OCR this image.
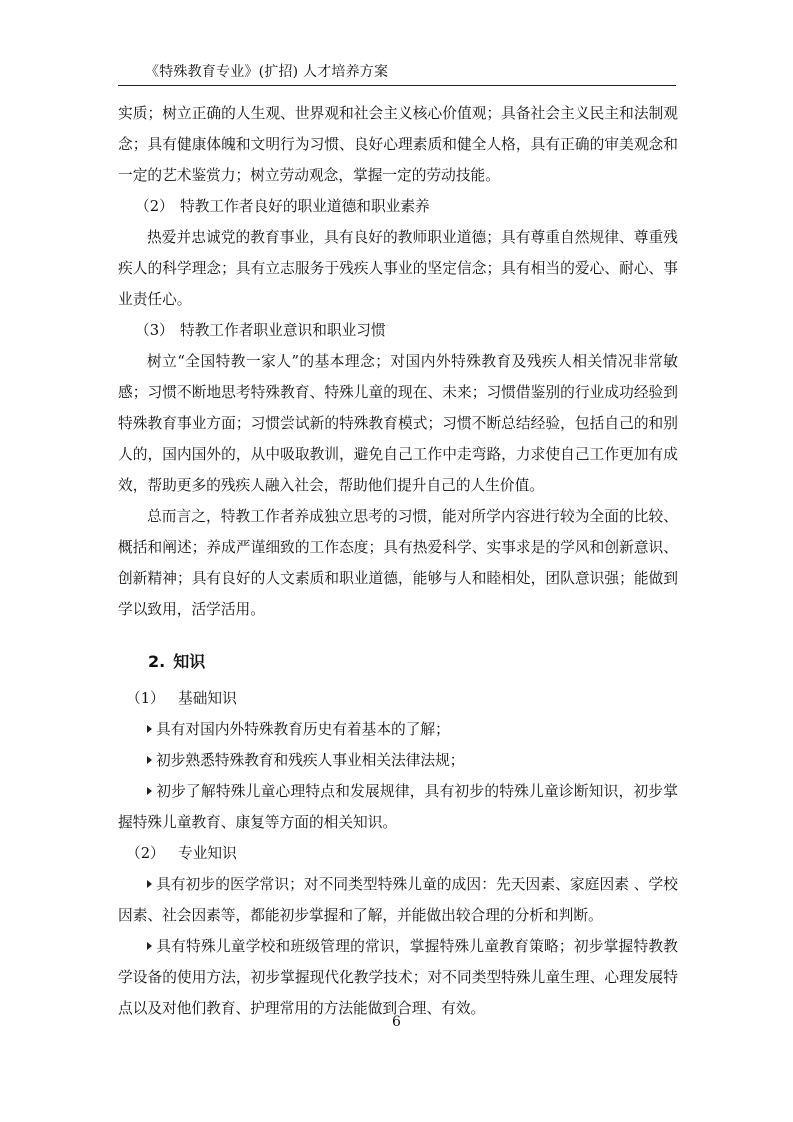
《特殊教育专业》(扩招) 人才培养方案

实质；树立正确的人生观、世界观和社会主义核心价值观；具备社会主义民主和法制观念；具有健康体魄和文明行为习惯、良好心理素质和健全人格，具有正确的审美观念和一定的艺术鉴赏力；树立劳动观念，掌握一定的劳动技能。

（2） 特教工作者良好的职业道德和职业素养

热爱并忠诚党的教育事业，具有良好的教师职业道德；具有尊重自然规律、尊重残疾人的科学理念；具有立志服务于残疾人事业的坚定信念；具有相当的爱心、耐心、事业责任心。

（3） 特教工作者职业意识和职业习惯

树立“全国特教一家人”的基本理念；对国内外特殊教育及残疾人相关情况非常敏感；习惯不断地思考特殊教育、特殊儿童的现在、未来；习惯借鉴别的行业成功经验到特殊教育事业方面；习惯尝试新的特殊教育模式；习惯不断总结经验，包括自己的和别人的，国内国外的，从中吸取教训，避免自己工作中走弯路，力求使自己工作更加有成效，帮助更多的残疾人融入社会，帮助他们提升自己的人生价值。

总而言之，特教工作者养成独立思考的习惯，能对所学内容进行较为全面的比较、概括和阐述；养成严谨细致的工作态度；具有热爱科学、实事求是的学风和创新意识、创新精神；具有良好的人文素质和职业道德，能够与人和睦相处，团队意识强；能做到学以致用，活学活用。

2. 知识

（1） 基础知识

具有对国内外特殊教育历史有着基本的了解；

初步熟悉特殊教育和残疾人事业相关法律法规；

初步了解特殊儿童心理特点和发展规律，具有初步的特殊儿童诊断知识，初步掌握特殊儿童教育、康复等方面的相关知识。

（2） 专业知识

具有初步的医学常识；对不同类型特殊儿童的成因：先天因素、家庭因素 、学校因素、社会因素等，都能初步掌握和了解，并能做出较合理的分析和判断。

具有特殊儿童学校和班级管理的常识，掌握特殊儿童教育策略；初步掌握特教教学设备的使用方法，初步掌握现代化教学技术；对不同类型特殊儿童生理、心理发展特点以及对他们教育、护理常用的方法能做到合理、有效。

6
